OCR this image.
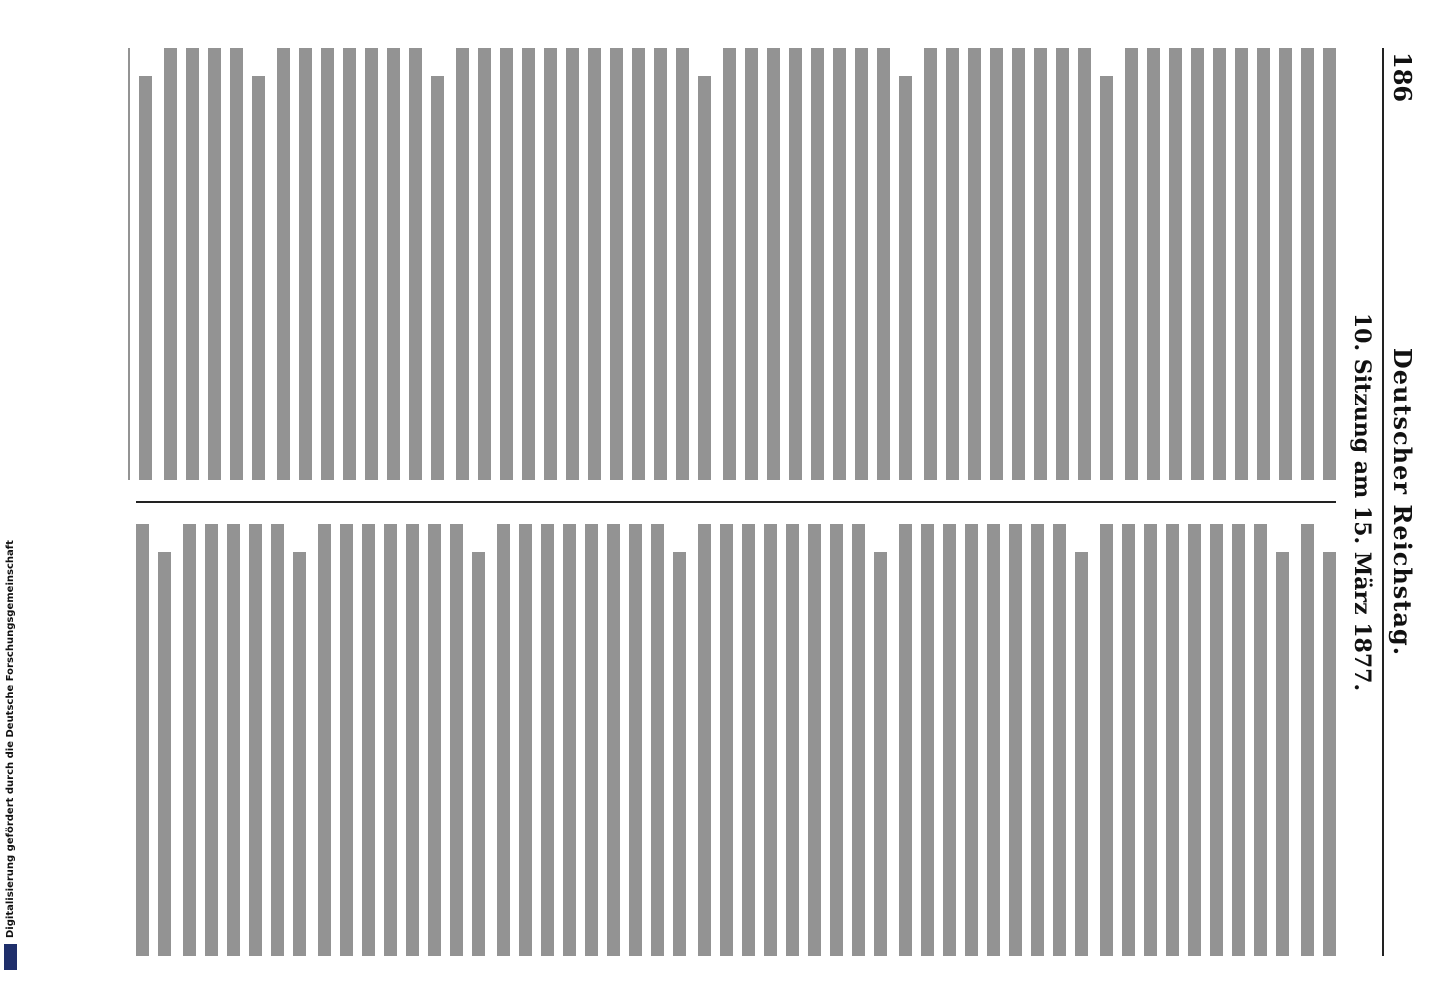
Digitalisierung gefördert durch die Deutsche Forschungsgemeinschaft
186
Deutscher Reichstag.
10. Sitzung am 15. März 1877.
